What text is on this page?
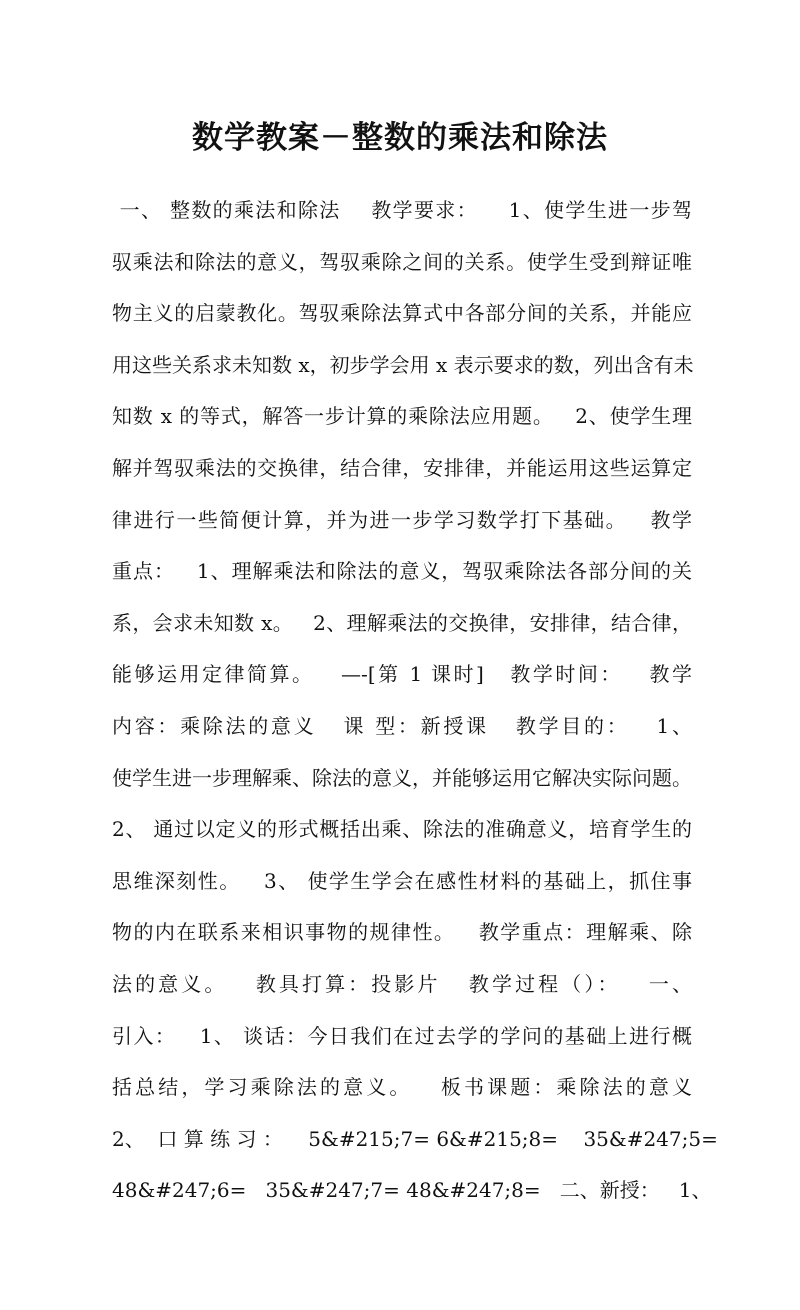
数学教案－整数的乘法和除法
一、 整数的乘法和除法    教学要求：    1、使学生进一步驾
驭乘法和除法的意义，驾驭乘除之间的关系。使学生受到辩证唯
物主义的启蒙教化。驾驭乘除法算式中各部分间的关系，并能应
用这些关系求未知数 x，初步学会用 x 表示要求的数，列出含有未
知数 x 的等式，解答一步计算的乘除法应用题。   2、使学生理
解并驾驭乘法的交换律，结合律，安排律，并能运用这些运算定
律进行一些简便计算，并为进一步学习数学打下基础。   教学
重点：   1、理解乘法和除法的意义，驾驭乘除法各部分间的关
系，会求未知数 x。   2、理解乘法的交换律，安排律，结合律，
能够运用定律简算。   —-[第 1 课时]   教学时间：   教学
内容：乘除法的意义   课 型：新授课   教学目的：   1、
使学生进一步理解乘、除法的意义，并能够运用它解决实际问题。
2、 通过以定义的形式概括出乘、除法的准确意义，培育学生的
思维深刻性。   3、 使学生学会在感性材料的基础上，抓住事
物的内在联系来相识事物的规律性。   教学重点：理解乘、除
法的意义。   教具打算：投影片   教学过程（）：   一、
引入：   1、 谈话：今日我们在过去学的学问的基础上进行概
括总结，学习乘除法的意义。   板书课题：乘除法的意义
2、  口 算 练 习 ：    5&#215;7= 6&#215;8=    35&#247;5=
48&#247;6=   35&#247;7= 48&#247;8=   二、新授：   1、
